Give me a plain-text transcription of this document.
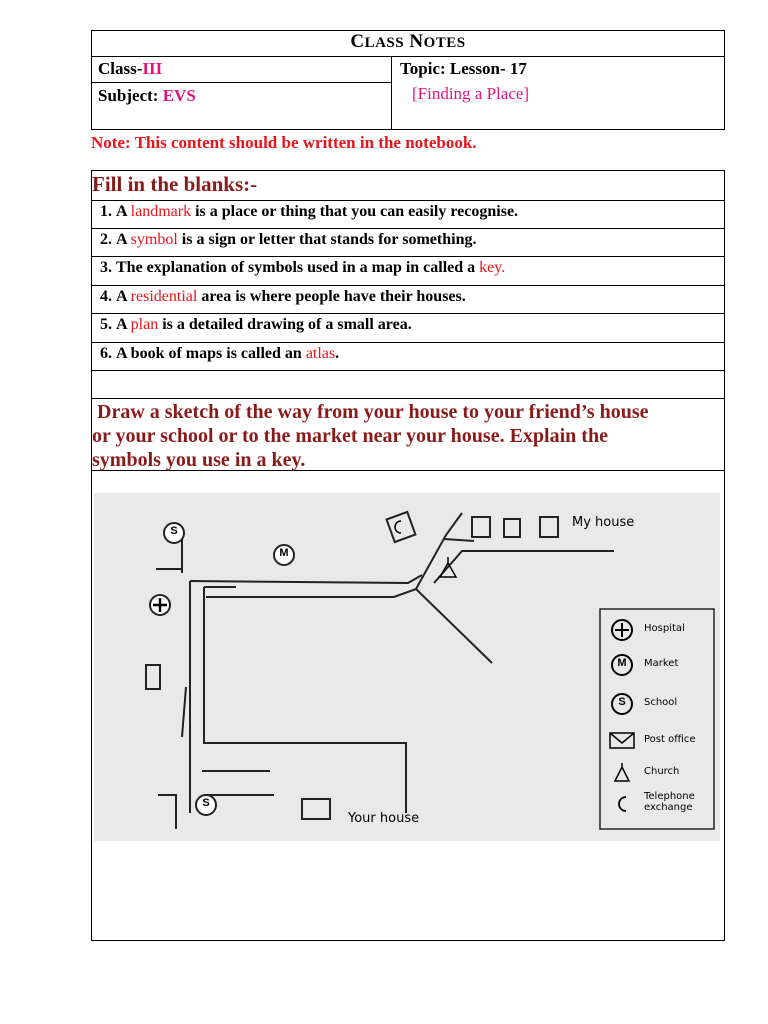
CLASS NOTES
Class-III
Subject: EVS
Topic: Lesson- 17
[Finding a Place]
Note: This content should be written in the notebook.
Fill in the blanks:-
1. A landmark is a place or thing that you can easily recognise.
2. A symbol is a sign or letter that stands for something.
3. The explanation of symbols used in a map in called a key.
4. A residential area is where people have their houses.
5. A plan is a detailed drawing of a small area.
6. A book of maps is called an atlas.
Draw a sketch of the way from your house to your friend’s house
or your school or to the market near your house. Explain the
symbols you use in a key.
S
M
S
M
S
My house
Your house
Hospital
Market
School
Post office
Church
Telephone
exchange
